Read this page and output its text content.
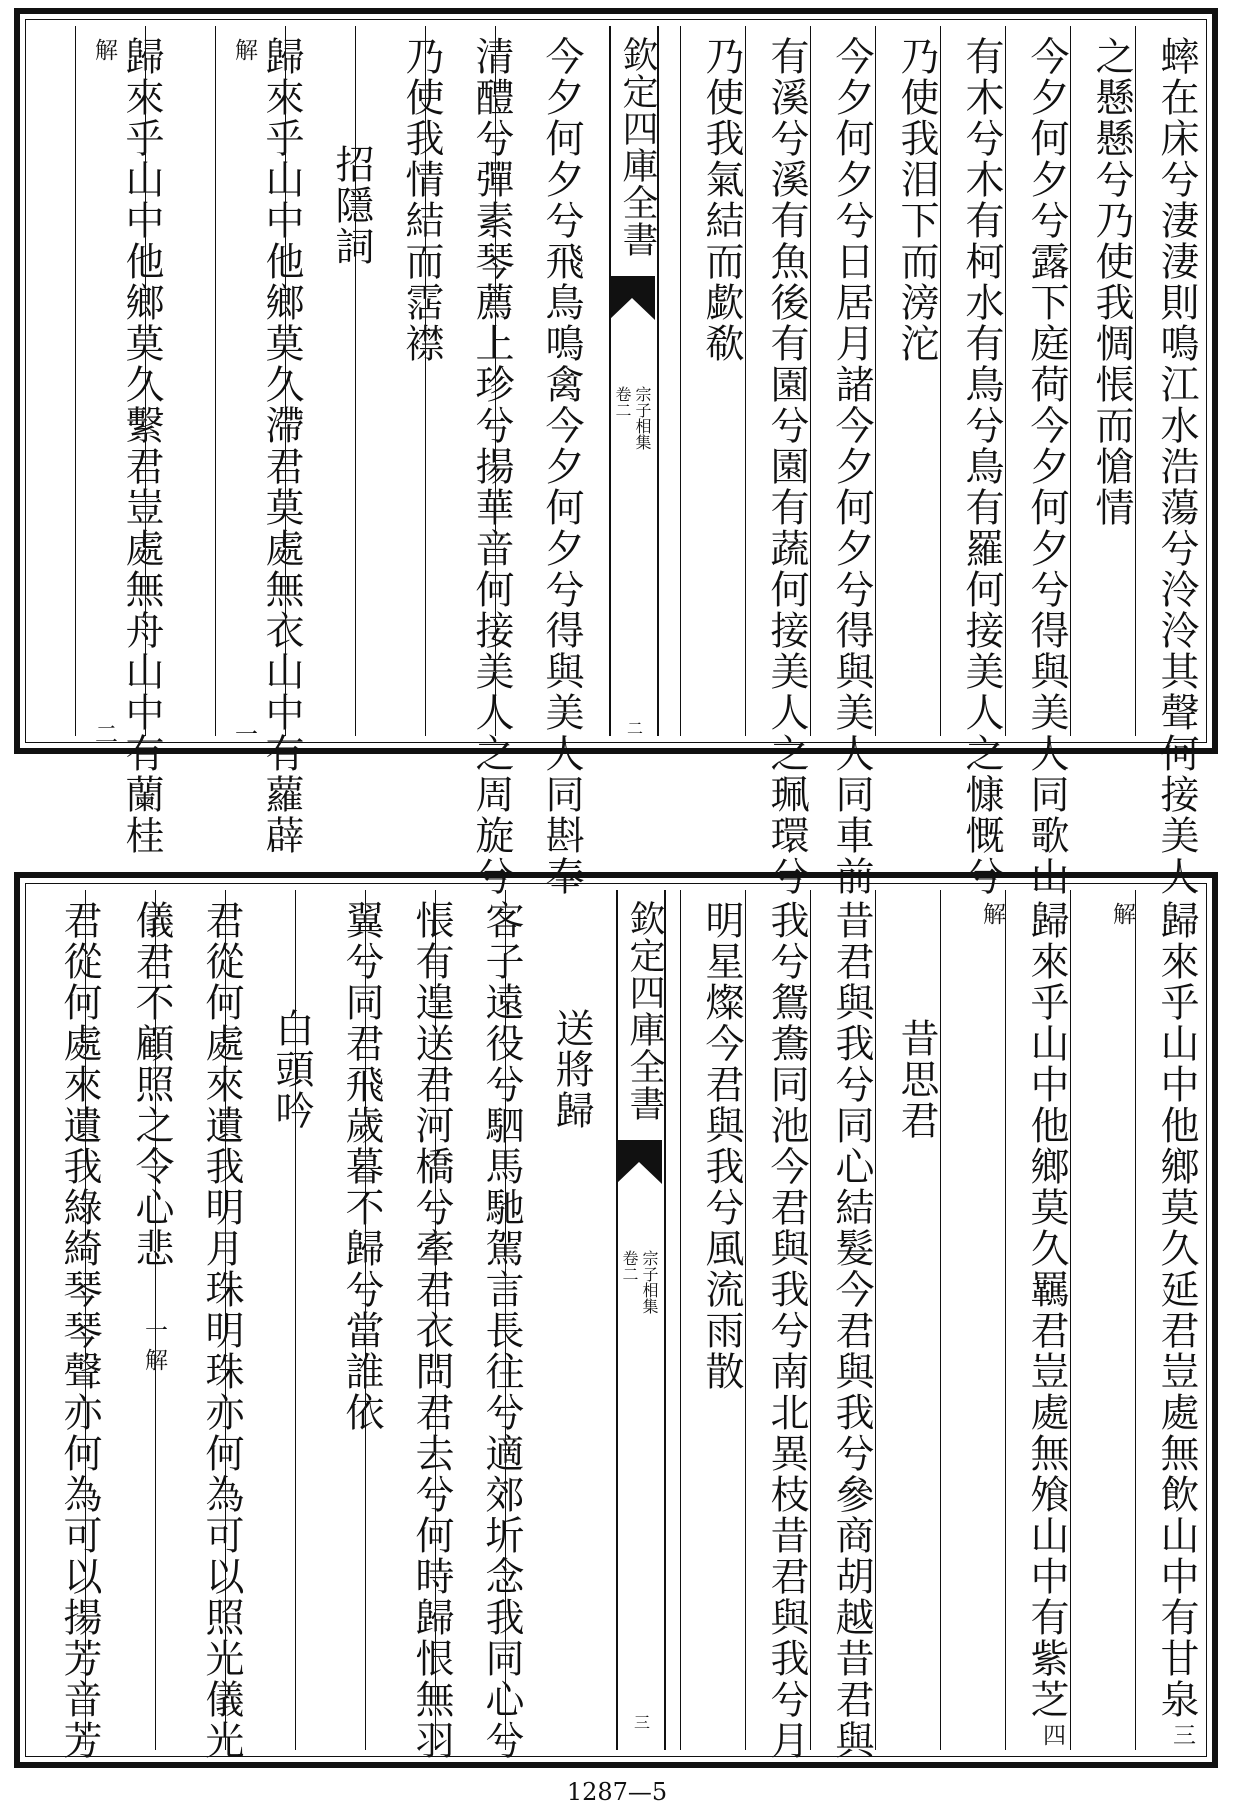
蟀在床兮淒淒則鳴江水浩蕩兮泠泠其聲何接美人
之懸懸兮乃使我惆悵而愴情
今夕何夕兮露下庭荷今夕何夕兮得與美人同歌山
有木兮木有柯水有鳥兮鳥有羅何接美人之慷慨兮
乃使我泪下而滂沱
今夕何夕兮日居月諸今夕何夕兮得與美人同車前
有溪兮溪有魚後有園兮園有蔬何接美人之珮環兮
乃使我氣結而歔欷
欽定四庫全書
宗子相集
卷二
二
今夕何夕兮飛鳥鳴禽今夕何夕兮得與美人同斟奉
清醴兮彈素琴薦上珍兮揚華音何接美人之周旋兮
乃使我情結而霑襟
招隱詞
歸來乎山中他鄉莫久滯君莫處無衣山中有蘿薜
解
一
歸來乎山中他鄉莫久繫君豈處無舟山中有蘭桂
解
二
歸來乎山中他鄉莫久延君豈處無飲山中有甘泉
三
解
歸來乎山中他鄉莫久羈君豈處無飧山中有紫芝
四
解
昔思君
昔君與我兮同心結髮今君與我兮參商胡越昔君與
我兮鴛鴦同池今君與我兮南北異枝昔君與我兮月
明星燦今君與我兮風流雨散
欽定四庫全書
宗子相集
卷二
三
送將歸
客子遠役兮駟馬馳駕言長往兮適郊圻念我同心兮
悵有遑送君河橋兮牽君衣問君去兮何時歸恨無羽
翼兮同君飛歲暮不歸兮當誰依
白頭吟
君從何處來遺我明月珠明珠亦何為可以照光儀光
儀君不顧照之令心悲
一
解
君從何處來遺我綠綺琴琴聲亦何為可以揚芳音芳
1287—5
